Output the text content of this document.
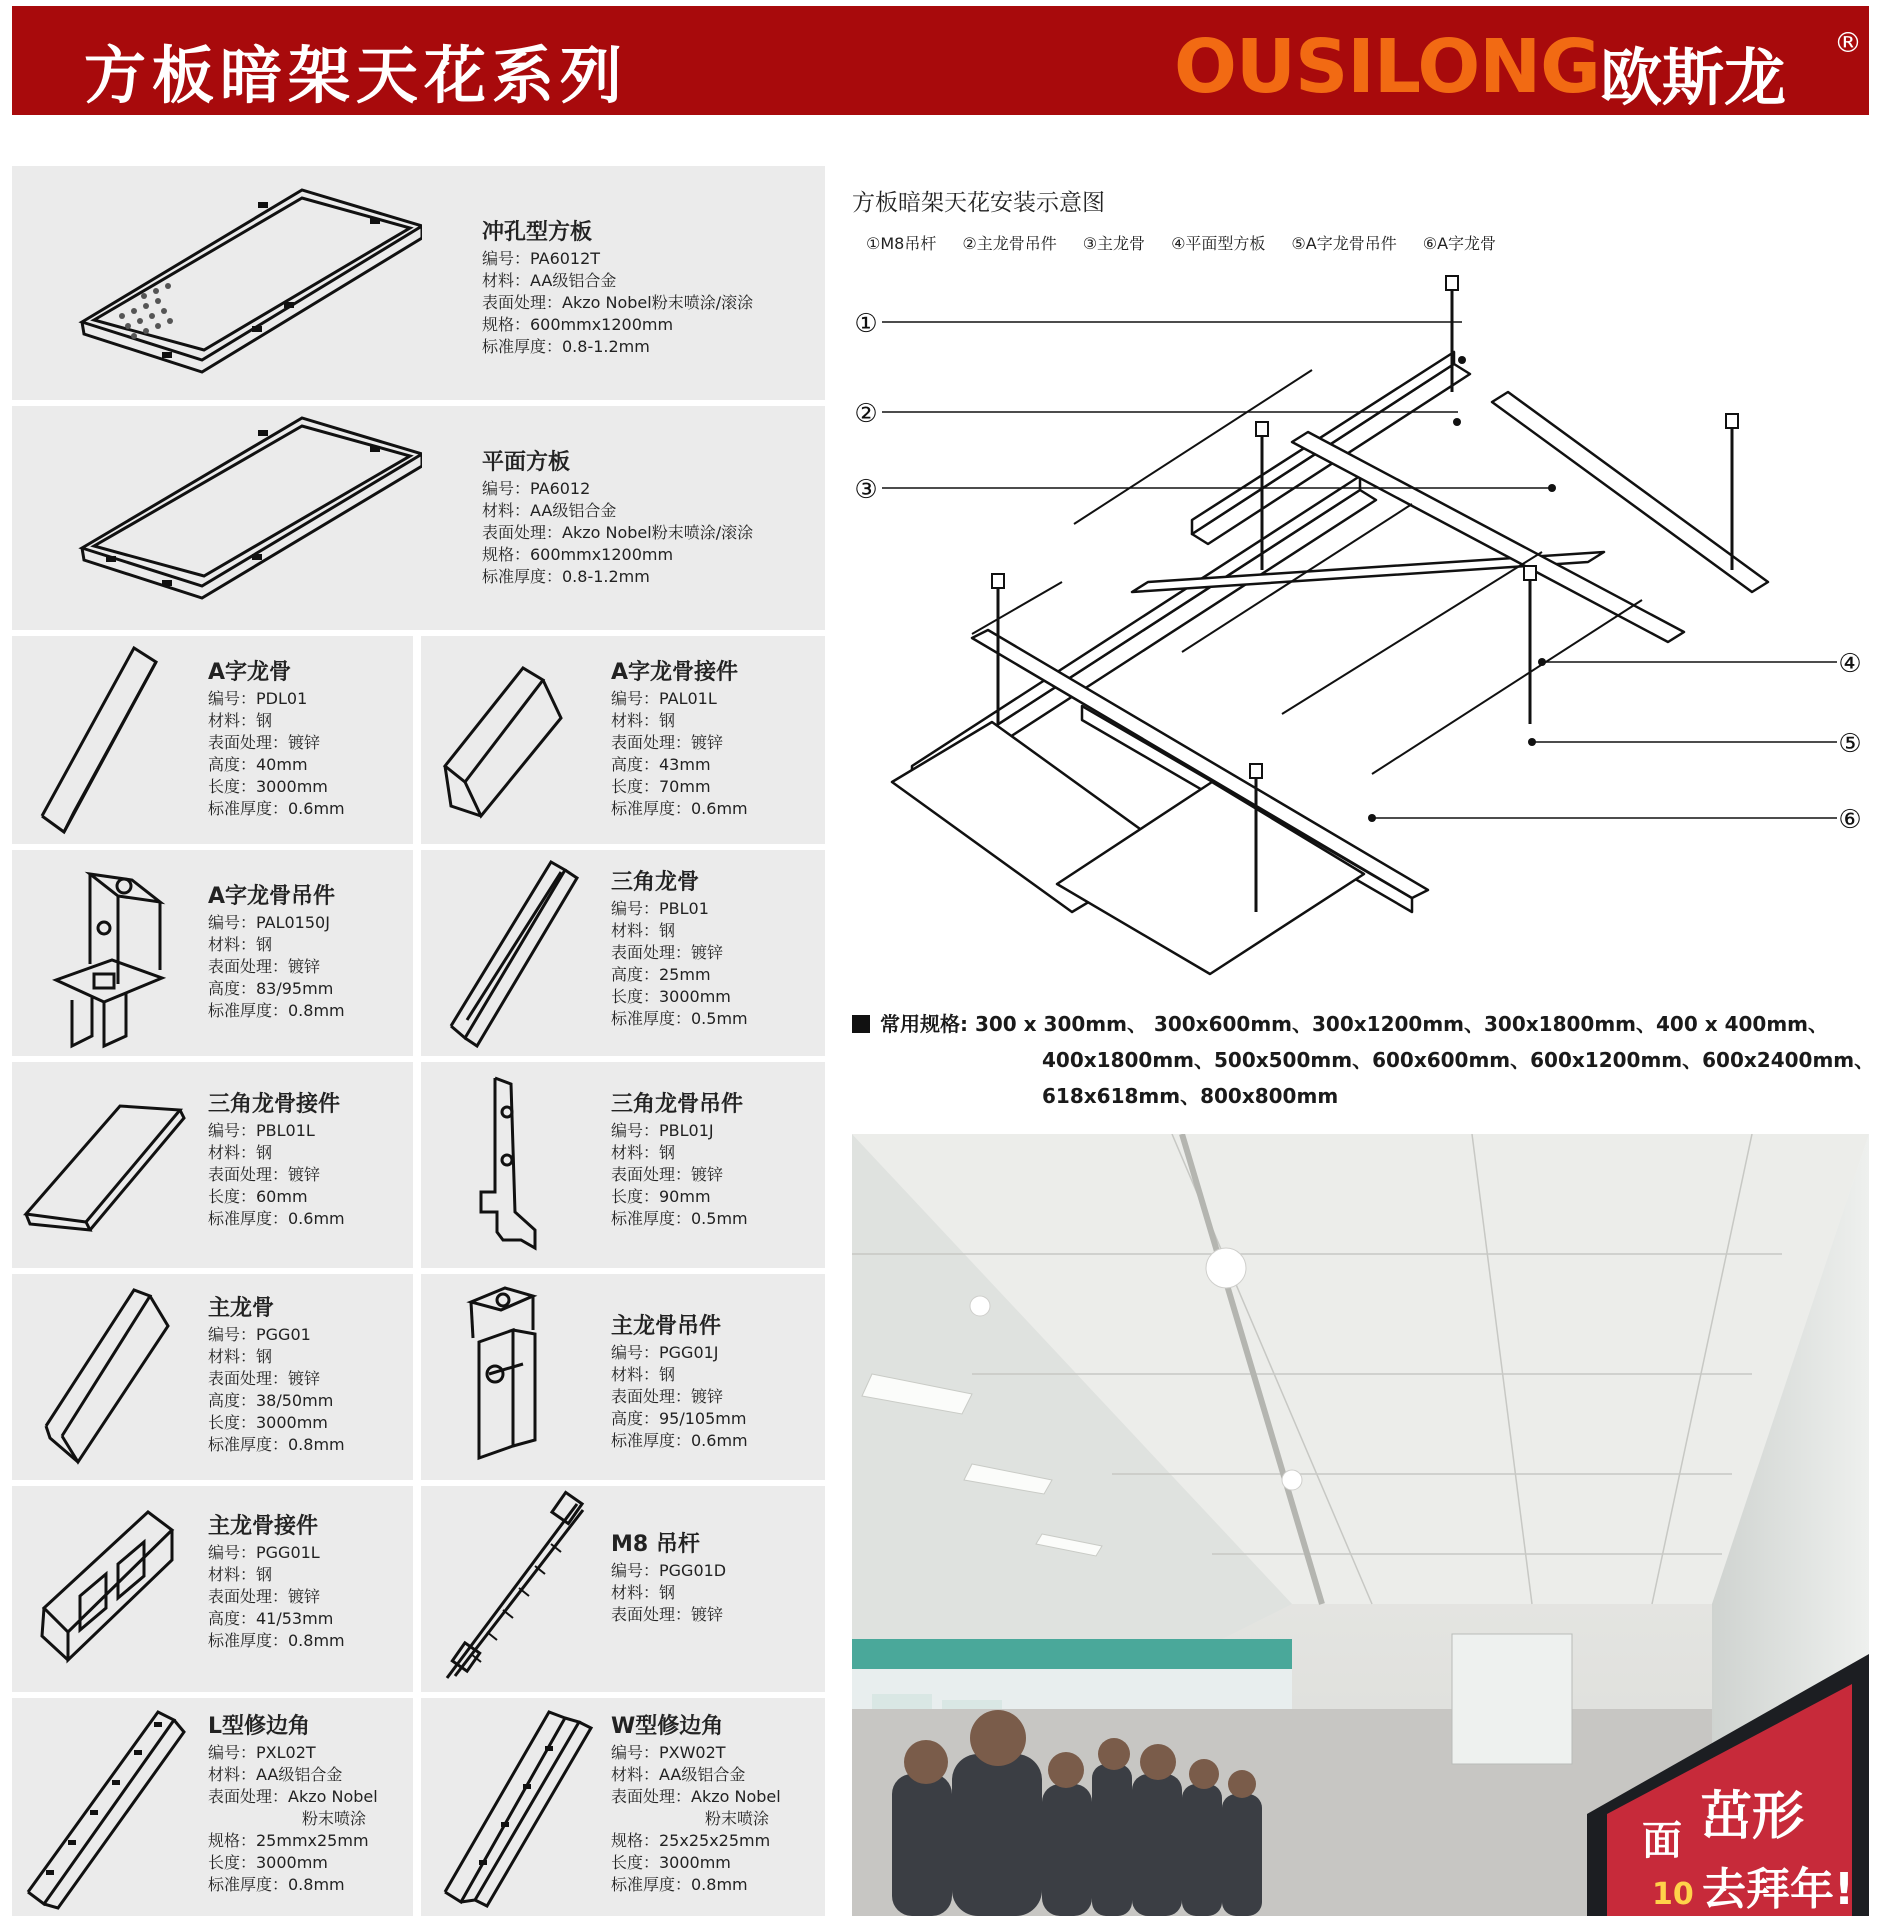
方板暗架天花系列	OUSILONG 欧斯龙 ®
冲孔型方板
编号：PA6012T
材料：AA级铝合金
表面处理：Akzo Nobel粉末喷涂/滚涂
规格：600mmx1200mm
标准厚度：0.8-1.2mm
平面方板
编号：PA6012
材料：AA级铝合金
表面处理：Akzo Nobel粉末喷涂/滚涂
规格：600mmx1200mm
标准厚度：0.8-1.2mm
A字龙骨
编号：PDL01
材料：钢
表面处理：镀锌
高度：40mm
长度：3000mm
标准厚度：0.6mm
A字龙骨接件
编号：PAL01L
材料：钢
表面处理：镀锌
高度：43mm
长度：70mm
标准厚度：0.6mm
A字龙骨吊件
编号：PAL0150J
材料：钢
表面处理：镀锌
高度：83/95mm
标准厚度：0.8mm
三角龙骨
编号：PBL01
材料：钢
表面处理：镀锌
高度：25mm
长度：3000mm
标准厚度：0.5mm
三角龙骨接件
编号：PBL01L
材料：钢
表面处理：镀锌
长度：60mm
标准厚度：0.6mm
三角龙骨吊件
编号：PBL01J
材料：钢
表面处理：镀锌
长度：90mm
标准厚度：0.5mm
主龙骨
编号：PGG01
材料：钢
表面处理：镀锌
高度：38/50mm
长度：3000mm
标准厚度：0.8mm
主龙骨吊件
编号：PGG01J
材料：钢
表面处理：镀锌
高度：95/105mm
标准厚度：0.6mm
主龙骨接件
编号：PGG01L
材料：钢
表面处理：镀锌
高度：41/53mm
标准厚度：0.8mm
M8 吊杆
编号：PGG01D
材料：钢
表面处理：镀锌
L型修边角
编号：PXL02T
材料：AA级铝合金
表面处理：Akzo Nobel
粉末喷涂
规格：25mmx25mm
长度：3000mm
标准厚度：0.8mm
W型修边角
编号：PXW02T
材料：AA级铝合金
表面处理：Akzo Nobel
粉末喷涂
规格：25x25x25mm
长度：3000mm
标准厚度：0.8mm
方板暗架天花安装示意图
①M8吊杆 ②主龙骨吊件 ③主龙骨 ④平面型方板 ⑤A字龙骨吊件 ⑥A字龙骨
①
②
③
④
⑤
⑥
常用规格: 300 x 300mm、 300x600mm、300x1200mm、300x1800mm、400 x 400mm、
400x1800mm、500x500mm、600x600mm、600x1200mm、600x2400mm、
618x618mm、800x800mm
面 茁形
10 去拜年!
